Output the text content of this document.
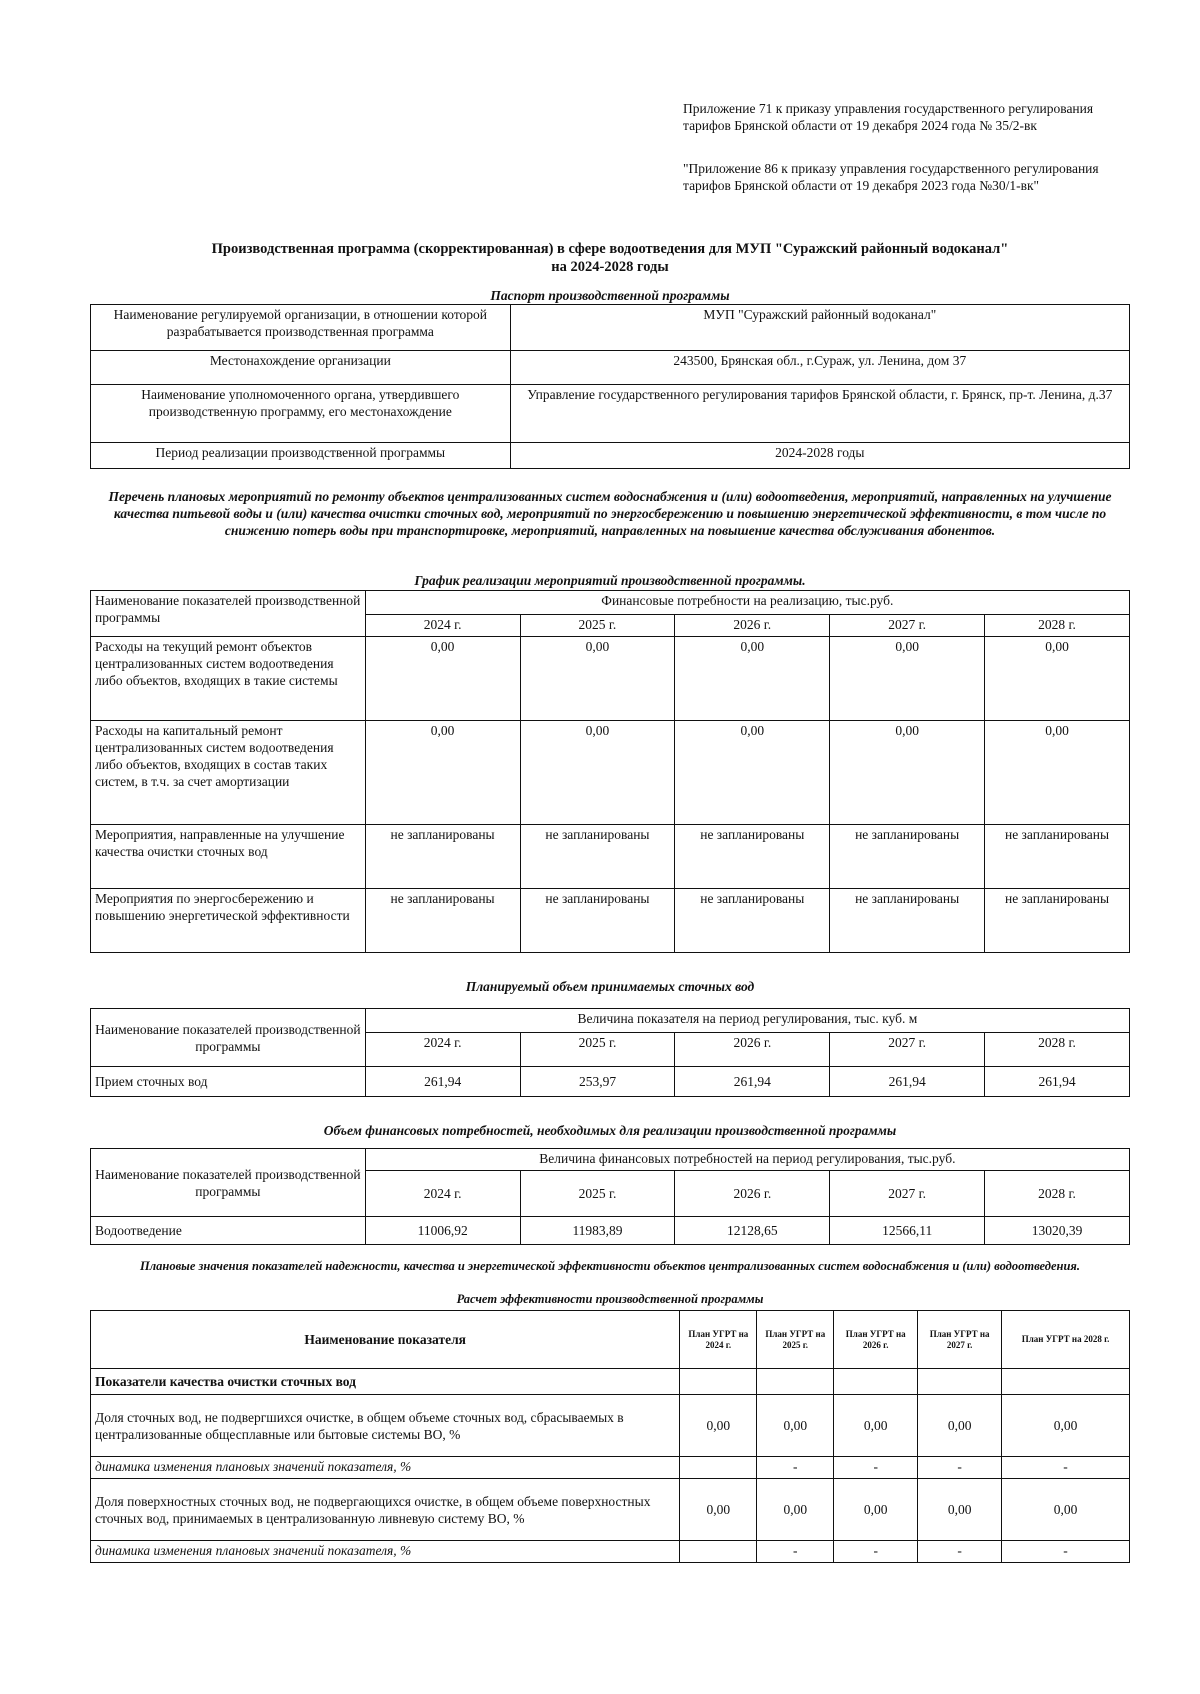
Приложение 71 к приказу управления государственного регулирования тарифов Брянской области от 19 декабря 2024 года № 35/2-вк

"Приложение 86 к приказу управления государственного регулирования тарифов Брянской области от 19 декабря 2023 года №30/1-вк"

Производственная программа (скорректированная) в сфере водоотведения для МУП "Суражский районный водоканал"
на 2024-2028 годы
Паспорт производственной программы
Наименование регулируемой организации, в отношении которой разрабатывается производственная программа	МУП "Суражский районный водоканал"
Местонахождение организации	243500, Брянская обл., г.Сураж, ул. Ленина, дом 37
Наименование уполномоченного органа, утвердившего производственную программу, его местонахождение	Управление государственного регулирования тарифов Брянской области, г. Брянск, пр-т. Ленина, д.37
Период реализации производственной программы	2024-2028 годы
Перечень плановых мероприятий по ремонту объектов централизованных систем водоснабжения и (или) водоотведения, мероприятий, направленных на улучшение качества питьевой воды и (или) качества очистки сточных вод, мероприятий по энергосбережению и повышению энергетической эффективности, в том числе по снижению потерь воды при транспортировке, мероприятий, направленных на повышение качества обслуживания абонентов.
График реализации мероприятий производственной программы.
Наименование показателей производственной программы	Финансовые потребности на реализацию, тыс.руб.				
	2024 г.	2025 г.	2026 г.	2027 г.	2028 г.
Расходы на текущий ремонт объектов централизованных систем водоотведения либо объектов, входящих в такие системы	0,00	0,00	0,00	0,00	0,00
Расходы на капитальный ремонт централизованных систем водоотведения либо объектов, входящих в состав таких систем, в т.ч. за счет амортизации	0,00	0,00	0,00	0,00	0,00
Мероприятия, направленные на улучшение качества очистки сточных вод	не запланированы	не запланированы	не запланированы	не запланированы	не запланированы
Мероприятия по энергосбережению и повышению энергетической эффективности	не запланированы	не запланированы	не запланированы	не запланированы	не запланированы
Планируемый объем принимаемых сточных вод
Наименование показателей производственной программы	Величина показателя на период регулирования, тыс. куб. м				
	2024 г.	2025 г.	2026 г.	2027 г.	2028 г.
Прием сточных вод	261,94	253,97	261,94	261,94	261,94
Объем финансовых потребностей, необходимых для реализации производственной программы
Наименование показателей производственной программы	Величина финансовых потребностей на период регулирования, тыс.руб.				
	2024 г.	2025 г.	2026 г.	2027 г.	2028 г.
Водоотведение	11006,92	11983,89	12128,65	12566,11	13020,39
Плановые значения показателей надежности, качества и энергетической эффективности объектов централизованных систем водоснабжения и (или) водоотведения.
Расчет эффективности производственной программы
Наименование показателя	План УГРТ на 2024 г.	План УГРТ на 2025 г.	План УГРТ на 2026 г.	План УГРТ на 2027 г.	План УГРТ на 2028 г.
Показатели качества очистки сточных вод					
Доля сточных вод, не подвергшихся очистке, в общем объеме сточных вод, сбрасываемых в централизованные общесплавные или бытовые системы ВО, %	0,00	0,00	0,00	0,00	0,00
динамика изменения плановых значений показателя, %		-	-	-	-
Доля поверхностных сточных вод, не подвергающихся очистке, в общем объеме поверхностных сточных вод, принимаемых в централизованную ливневую систему ВО, %	0,00	0,00	0,00	0,00	0,00
динамика изменения плановых значений показателя, %		-	-	-	-
